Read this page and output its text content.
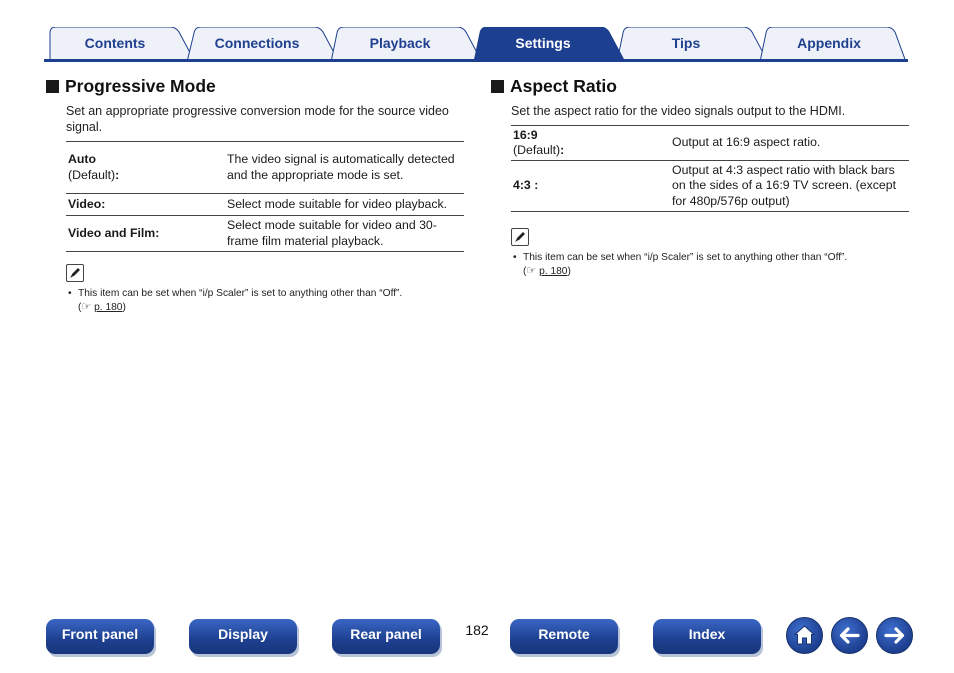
Contents	Connections	Playback	Settings	Tips	Appendix
Progressive Mode
Set an appropriate progressive conversion mode for the source video signal.
Auto
(Default):	The video signal is automatically detected and the appropriate mode is set.
Video:	Select mode suitable for video playback.
Video and Film:	Select mode suitable for video and 30-frame film material playback.
• This item can be set when “i/p Scaler” is set to anything other than “Off”.
(☞ p. 180)
Aspect Ratio
Set the aspect ratio for the video signals output to the HDMI.
16:9
(Default):	Output at 16:9 aspect ratio.
4:3 :	Output at 4:3 aspect ratio with black bars on the sides of a 16:9 TV screen. (except for 480p/576p output)
• This item can be set when “i/p Scaler” is set to anything other than “Off”.
(☞ p. 180)
Front panel	Display	Rear panel	182	Remote	Index
